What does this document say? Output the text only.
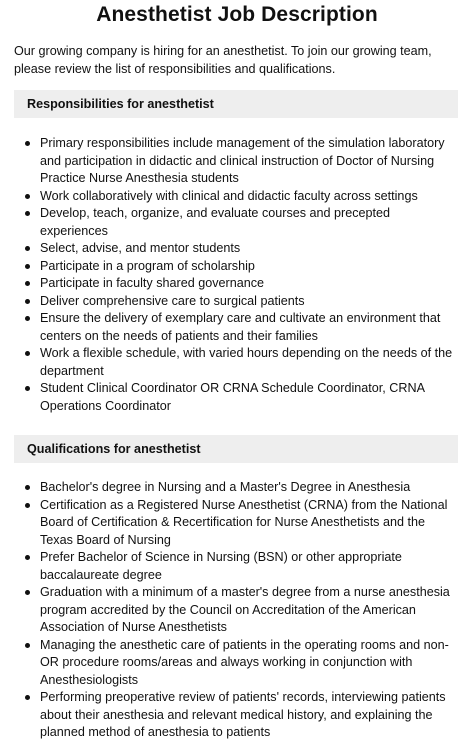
Anesthetist Job Description

Our growing company is hiring for an anesthetist. To join our growing team, please review the list of responsibilities and qualifications.

Responsibilities for anesthetist
Primary responsibilities include management of the simulation laboratory and participation in didactic and clinical instruction of Doctor of Nursing Practice Nurse Anesthesia students
Work collaboratively with clinical and didactic faculty across settings
Develop, teach, organize, and evaluate courses and precepted experiences
Select, advise, and mentor students
Participate in a program of scholarship
Participate in faculty shared governance
Deliver comprehensive care to surgical patients
Ensure the delivery of exemplary care and cultivate an environment that centers on the needs of patients and their families
Work a flexible schedule, with varied hours depending on the needs of the department
Student Clinical Coordinator OR CRNA Schedule Coordinator, CRNA Operations Coordinator
Qualifications for anesthetist
Bachelor's degree in Nursing and a Master's Degree in Anesthesia
Certification as a Registered Nurse Anesthetist (CRNA) from the National Board of Certification & Recertification for Nurse Anesthetists and the Texas Board of Nursing
Prefer Bachelor of Science in Nursing (BSN) or other appropriate baccalaureate degree
Graduation with a minimum of a master's degree from a nurse anesthesia program accredited by the Council on Accreditation of the American Association of Nurse Anesthetists
Managing the anesthetic care of patients in the operating rooms and non-OR procedure rooms/areas and always working in conjunction with Anesthesiologists
Performing preoperative review of patients' records, interviewing patients about their anesthesia and relevant medical history, and explaining the planned method of anesthesia to patients
